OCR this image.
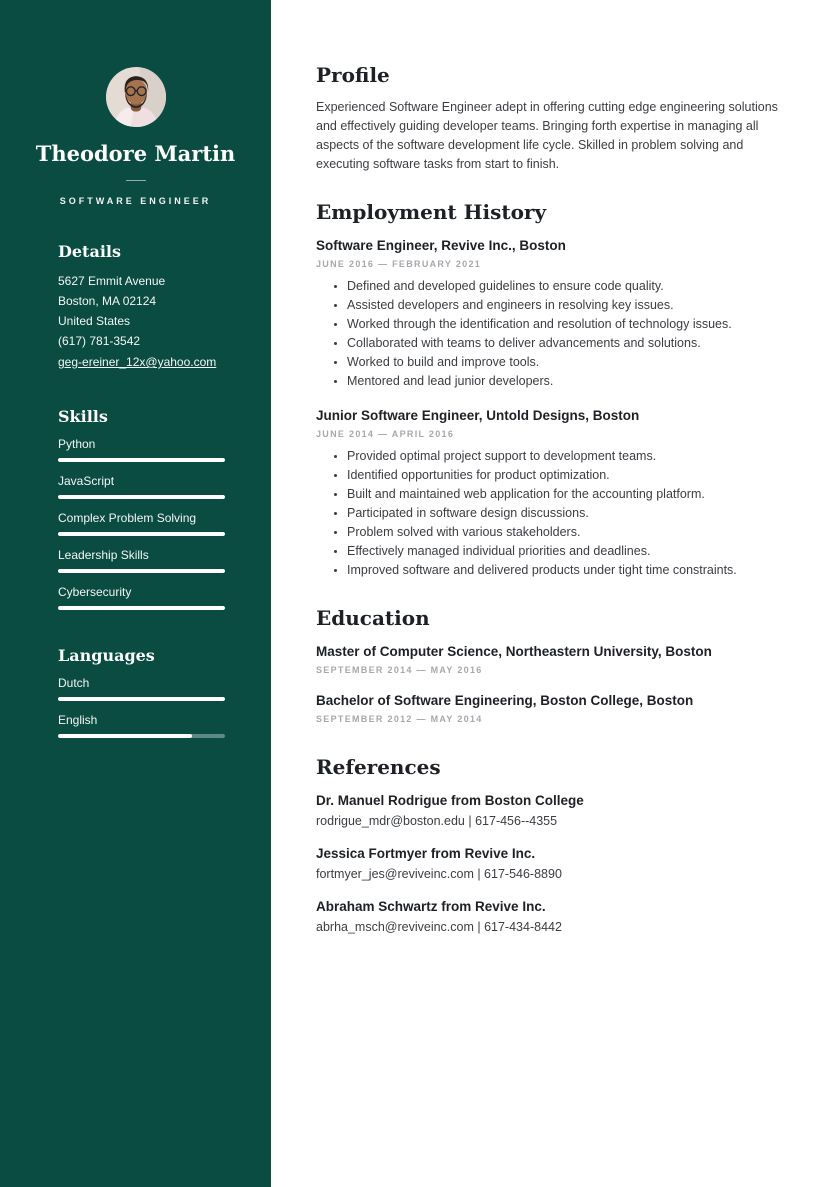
Theodore Martin
SOFTWARE ENGINEER
Details
5627 Emmit Avenue
Boston, MA 02124
United States
(617) 781-3542
geg-ereiner_12x@yahoo.com
Skills
Python
JavaScript
Complex Problem Solving
Leadership Skills
Cybersecurity
Languages
Dutch
English
Profile

Experienced Software Engineer adept in offering cutting edge engineering solutions and effectively guiding developer teams. Bringing forth expertise in managing all aspects of the software development life cycle. Skilled in problem solving and executing software tasks from start to finish.

Employment History
Software Engineer, Revive Inc., Boston
JUNE 2016 — FEBRUARY 2021
• Defined and developed guidelines to ensure code quality.
• Assisted developers and engineers in resolving key issues.
• Worked through the identification and resolution of technology issues.
• Collaborated with teams to deliver advancements and solutions.
• Worked to build and improve tools.
• Mentored and lead junior developers.
Junior Software Engineer, Untold Designs, Boston
JUNE 2014 — APRIL 2016
• Provided optimal project support to development teams.
• Identified opportunities for product optimization.
• Built and maintained web application for the accounting platform.
• Participated in software design discussions.
• Problem solved with various stakeholders.
• Effectively managed individual priorities and deadlines.
• Improved software and delivered products under tight time constraints.
Education
Master of Computer Science, Northeastern University, Boston
SEPTEMBER 2014 — MAY 2016
Bachelor of Software Engineering, Boston College, Boston
SEPTEMBER 2012 — MAY 2014
References
Dr. Manuel Rodrigue from Boston College
rodrigue_mdr@boston.edu | 617-456--4355
Jessica Fortmyer from Revive Inc.
fortmyer_jes@reviveinc.com | 617-546-8890
Abraham Schwartz from Revive Inc.
abrha_msch@reviveinc.com | 617-434-8442
